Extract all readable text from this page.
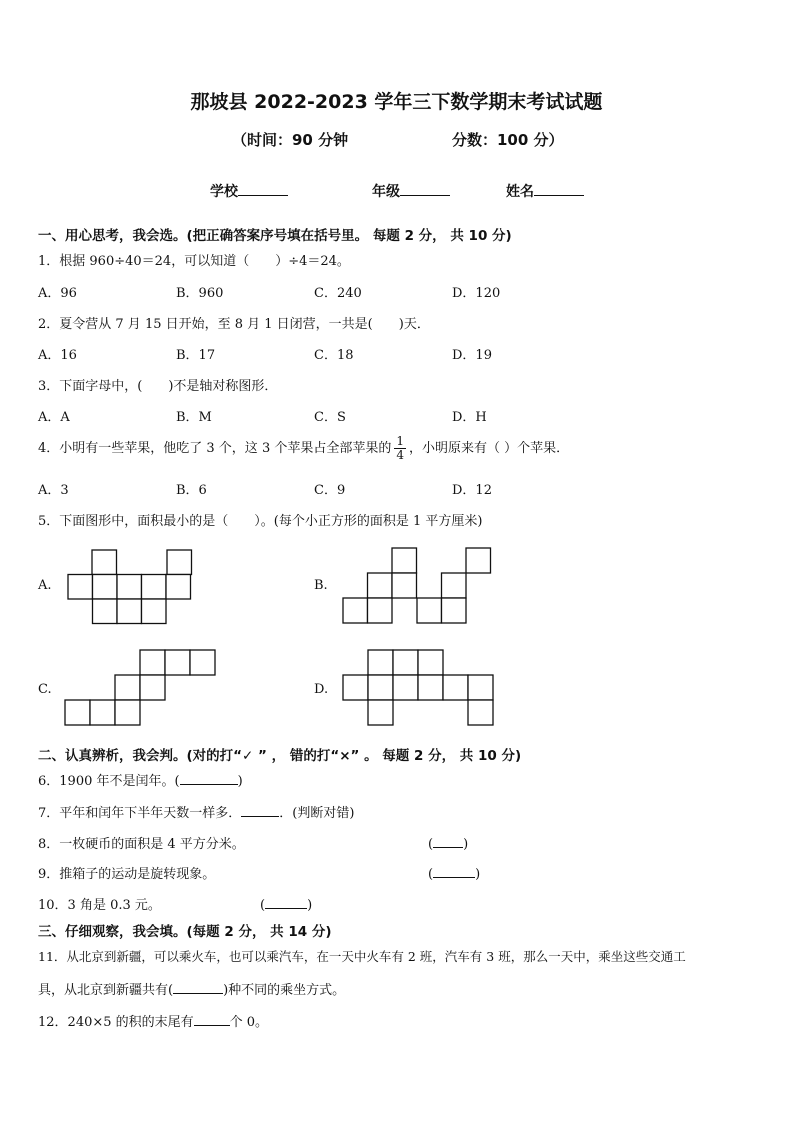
那坡县 2022-2023 学年三下数学期末考试试题
（时间：90 分钟	分数：100 分）
学校	年级	姓名
一、用心思考，我会选。(把正确答案序号填在括号里。 每题 2 分， 共 10 分)
1．根据 960÷40＝24，可以知道（　　）÷4＝24。
A．96	B．960	C．240	D．120
2．夏令营从 7 月 15 日开始，至 8 月 1 日闭营，一共是(　　)天．
A．16	B．17	C．18	D．19
3．下面字母中，(　　)不是轴对称图形．
A．A	B．M	C．S	D．H
4．小明有一些苹果，他吃了 3 个，这 3 个苹果占全部苹果的 $\frac{1}{4}$ ，小明原来有（ ）个苹果．
A．3	B．6	C．9	D．12
5．下面图形中，面积最小的是（　　）。(每个小正方形的面积是 1 平方厘米)
A.	B.
C.	D.
二、认真辨析，我会判。(对的打“✓ ” ， 错的打“×” 。 每题 2 分， 共 10 分)
6．1900 年不是闰年。(	)
7．平年和闰年下半年天数一样多．	．(判断对错)
8．一枚硬币的面积是 4 平方分米。	( )
9．推箱子的运动是旋转现象。	(	)
10．3 角是 0.3 元。	(	)
三、仔细观察，我会填。(每题 2 分， 共 14 分)
11．从北京到新疆，可以乘火车，也可以乘汽车，在一天中火车有 2 班，汽车有 3 班，那么一天中，乘坐这些交通工
具，从北京到新疆共有(	)种不同的乘坐方式。
12．240×5 的积的末尾有	个 0。
